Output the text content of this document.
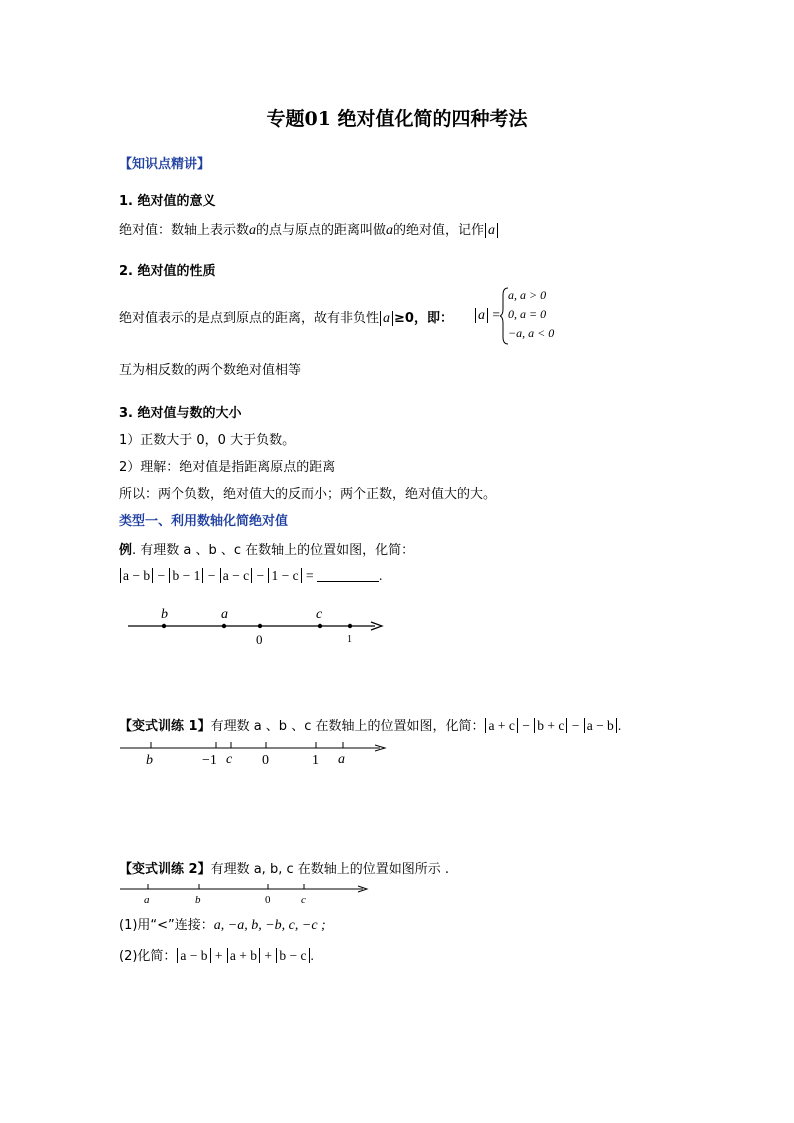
专题01 绝对值化简的四种考法
【知识点精讲】
1. 绝对值的意义
绝对值：数轴上表示数a的点与原点的距离叫做a的绝对值，记作 a
2. 绝对值的性质
绝对值表示的是点到原点的距离，故有非负性 a ≥0，即： a =
a, a > 0
0, a = 0
−a, a < 0
互为相反数的两个数绝对值相等
3. 绝对值与数的大小
1）正数大于 0，0 大于负数。
2）理解：绝对值是指距离原点的距离
所以：两个负数，绝对值大的反而小；两个正数，绝对值大的大。
类型一、利用数轴化简绝对值
例. 有理数 a 、b 、c 在数轴上的位置如图，化简：
a − b − b − 1 − a − c − 1 − c =	.
b	a	c
0	1
【变式训练 1】有理数 a 、b 、c 在数轴上的位置如图，化简： a + c − b + c − a − b .
b	−1 c 0	1 a
【变式训练 2】有理数 a, b, c 在数轴上的位置如图所示 .
a	b	0	c
(1)用“<”连接：a, −a, b, −b, c, −c ;
(2)化简： a − b + a + b + b − c .
